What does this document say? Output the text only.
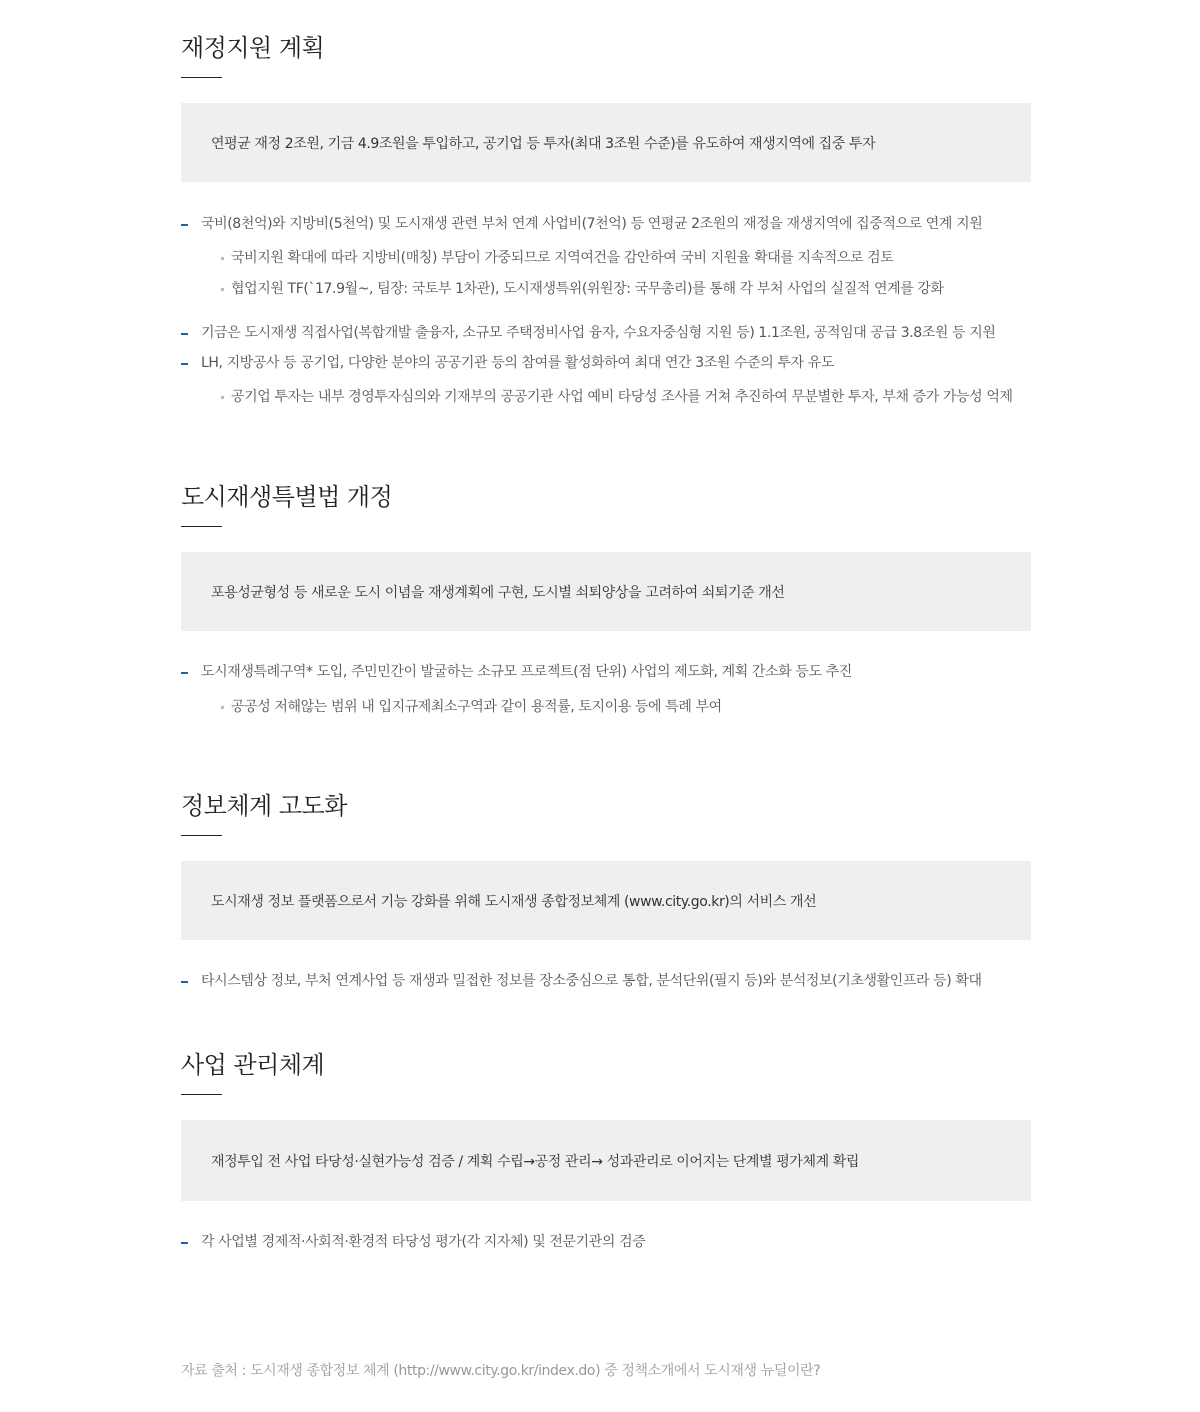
재정지원 계획
연평균 재정 2조원, 기금 4.9조원을 투입하고, 공기업 등 투자(최대 3조원 수준)를 유도하여 재생지역에 집중 투자
국비(8천억)와 지방비(5천억) 및 도시재생 관련 부처 연계 사업비(7천억) 등 연평균 2조원의 재정을 재생지역에 집중적으로 연계 지원
국비지원 확대에 따라 지방비(매칭) 부담이 가중되므로 지역여건을 감안하여 국비 지원율 확대를 지속적으로 검토
협업지원 TF(`17.9월~, 팀장: 국토부 1차관), 도시재생특위(위원장: 국무총리)를 통해 각 부처 사업의 실질적 연계를 강화
기금은 도시재생 직접사업(복합개발 출융자, 소규모 주택정비사업 융자, 수요자중심형 지원 등) 1.1조원, 공적임대 공급 3.8조원 등 지원
LH, 지방공사 등 공기업, 다양한 분야의 공공기관 등의 참여를 활성화하여 최대 연간 3조원 수준의 투자 유도
공기업 투자는 내부 경영투자심의와 기재부의 공공기관 사업 예비 타당성 조사를 거쳐 추진하여 무분별한 투자, 부채 증가 가능성 억제
도시재생특별법 개정
포용성균형성 등 새로운 도시 이념을 재생계획에 구현, 도시별 쇠퇴양상을 고려하여 쇠퇴기준 개선
도시재생특례구역* 도입, 주민민간이 발굴하는 소규모 프로젝트(점 단위) 사업의 제도화, 계획 간소화 등도 추진
공공성 저해않는 범위 내 입지규제최소구역과 같이 용적률, 토지이용 등에 특례 부여
정보체계 고도화
도시재생 정보 플랫폼으로서 기능 강화를 위해 도시재생 종합정보체계 (www.city.go.kr)의 서비스 개선
타시스템상 정보, 부처 연계사업 등 재생과 밀접한 정보를 장소중심으로 통합, 분석단위(필지 등)와 분석정보(기초생활인프라 등) 확대
사업 관리체계
재정투입 전 사업 타당성·실현가능성 검증 / 계획 수립→공정 관리→ 성과관리로 이어지는 단계별 평가체계 확립
각 사업별 경제적·사회적·환경적 타당성 평가(각 지자체) 및 전문기관의 검증

자료 출처 : 도시재생 종합정보 체계 (http://www.city.go.kr/index.do) 중 정책소개에서 도시재생 뉴딜이란?
